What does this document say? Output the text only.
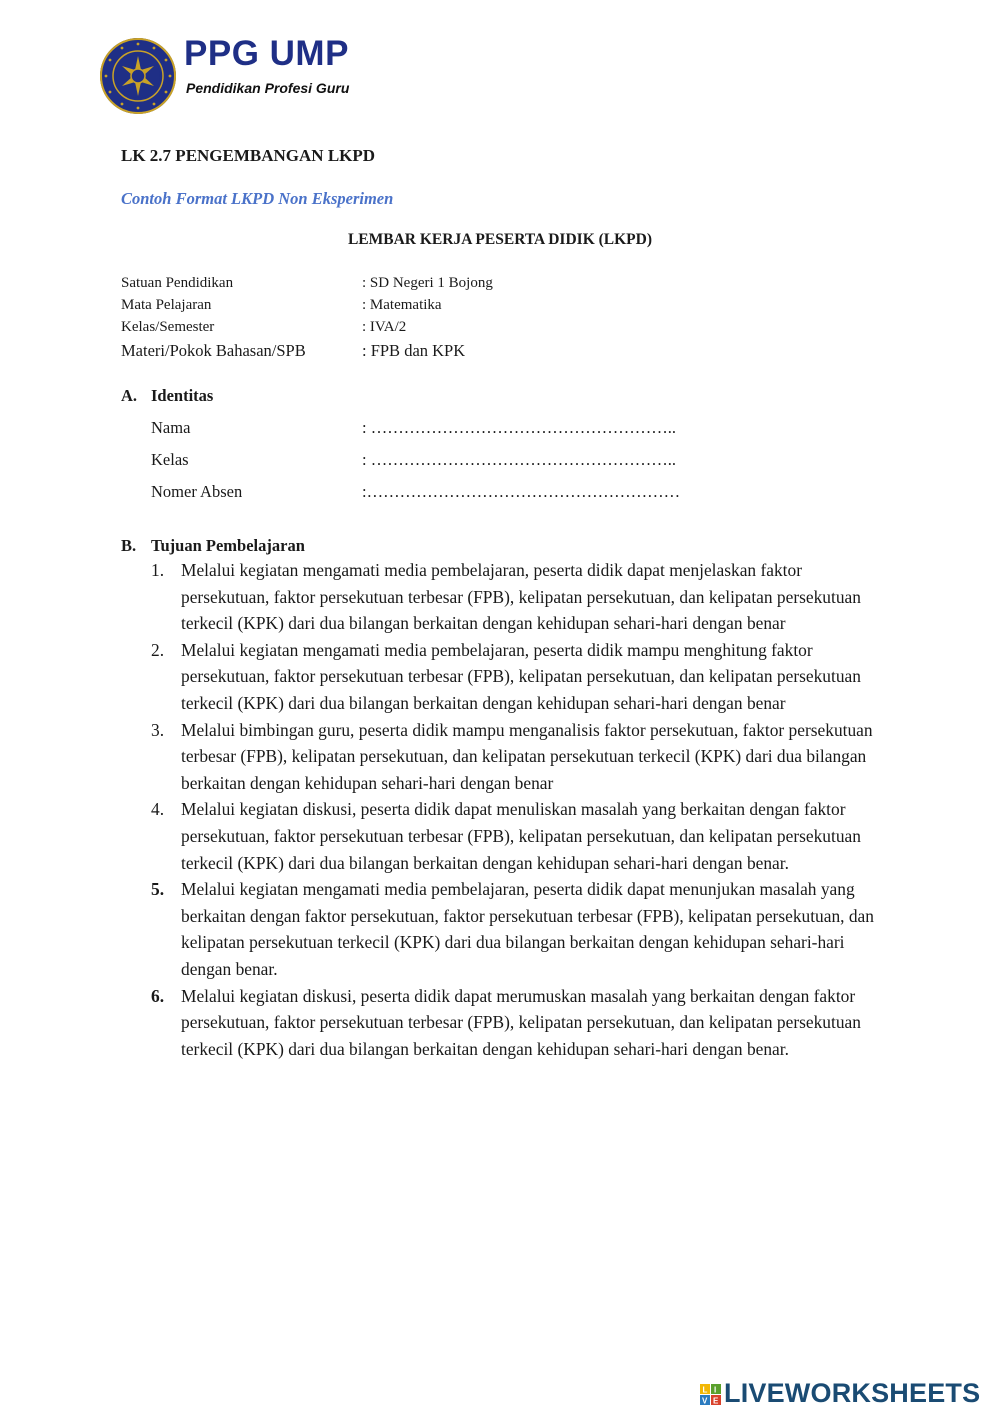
PPG UMP
Pendidikan Profesi Guru
LK 2.7 PENGEMBANGAN LKPD
Contoh Format LKPD Non Eksperimen
LEMBAR KERJA PESERTA DIDIK (LKPD)
Satuan Pendidikan	: SD Negeri 1 Bojong
Mata Pelajaran	: Matematika
Kelas/Semester	: IVA/2
Materi/Pokok Bahasan/SPB	: FPB dan KPK
A. Identitas
Nama	: ………………………………………………..
Kelas	: ………………………………………………..
Nomer Absen	:…………………………………………………
B. Tujuan Pembelajaran
1. Melalui kegiatan mengamati media pembelajaran, peserta didik dapat menjelaskan faktor persekutuan, faktor persekutuan terbesar (FPB), kelipatan persekutuan, dan kelipatan persekutuan terkecil (KPK) dari dua bilangan berkaitan dengan kehidupan sehari-hari dengan benar
2. Melalui kegiatan mengamati media pembelajaran, peserta didik mampu menghitung faktor persekutuan, faktor persekutuan terbesar (FPB), kelipatan persekutuan, dan kelipatan persekutuan terkecil (KPK) dari dua bilangan berkaitan dengan kehidupan sehari-hari dengan benar
3. Melalui bimbingan guru, peserta didik mampu menganalisis faktor persekutuan, faktor persekutuan terbesar (FPB), kelipatan persekutuan, dan kelipatan persekutuan terkecil (KPK) dari dua bilangan berkaitan dengan kehidupan sehari-hari dengan benar
4. Melalui kegiatan diskusi, peserta didik dapat menuliskan masalah yang berkaitan dengan faktor persekutuan, faktor persekutuan terbesar (FPB), kelipatan persekutuan, dan kelipatan persekutuan terkecil (KPK) dari dua bilangan berkaitan dengan kehidupan sehari-hari dengan benar.
5. Melalui kegiatan mengamati media pembelajaran, peserta didik dapat menunjukan masalah yang berkaitan dengan faktor persekutuan, faktor persekutuan terbesar (FPB), kelipatan persekutuan, dan kelipatan persekutuan terkecil (KPK) dari dua bilangan berkaitan dengan kehidupan sehari-hari dengan benar.
6. Melalui kegiatan diskusi, peserta didik dapat merumuskan masalah yang berkaitan dengan faktor persekutuan, faktor persekutuan terbesar (FPB), kelipatan persekutuan, dan kelipatan persekutuan terkecil (KPK) dari dua bilangan berkaitan dengan kehidupan sehari-hari dengan benar.
L I
V E LIVEWORKSHEETS
